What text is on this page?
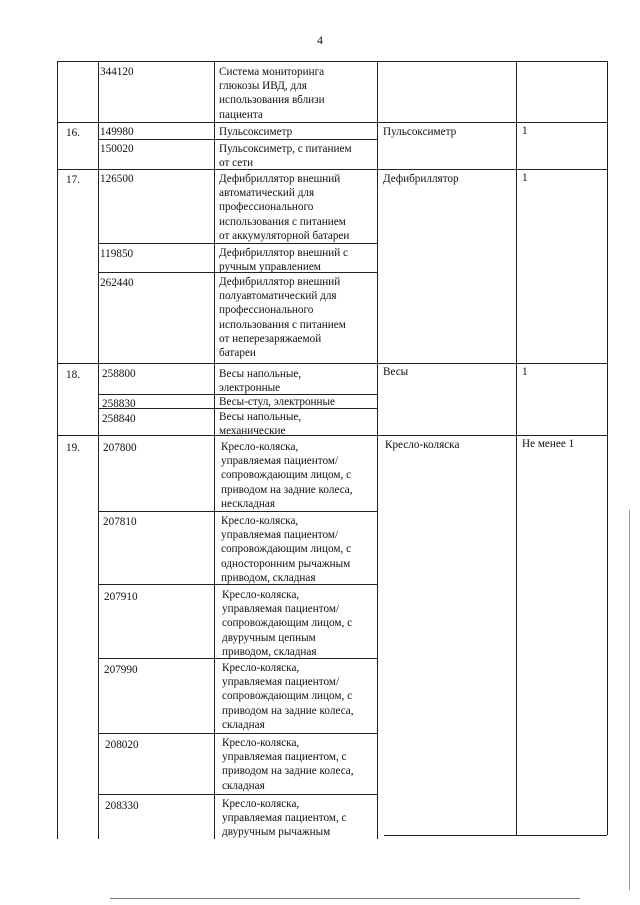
4
344120	Система мониторинга
глюкозы ИВД, для
использования вблизи
пациента
16. 149980	Пульсоксиметр	Пульсоксиметр	1
150020	Пульсоксиметр, с питанием
от сети
17. 126500	Дефибриллятор внешний
автоматический для
профессионального
использования с питанием
от аккумуляторной батареи
Дефибриллятор	1
119850	Дефибриллятор внешний с
ручным управлением
262440	Дефибриллятор внешний
полуавтоматический для
профессионального
использования с питанием
от неперезаряжаемой
батареи
18. 258800	Весы напольные,
электронные
Весы	1
258830	Весы-стул, электронные
258840	Весы напольные,
механические
19. 207800	Кресло-коляска,
управляемая пациентом/
сопровождающим лицом, с
приводом на задние колеса,
нескладная
Кресло-коляска	Не менее 1
207810	Кресло-коляска,
управляемая пациентом/
сопровождающим лицом, с
односторонним рычажным
приводом, складная
207910	Кресло-коляска,
управляемая пациентом/
сопровождающим лицом, с
двуручным цепным
приводом, складная
207990	Кресло-коляска,
управляемая пациентом/
сопровождающим лицом, с
приводом на задние колеса,
складная
208020	Кресло-коляска,
управляемая пациентом, с
приводом на задние колеса,
складная
208330	Кресло-коляска,
управляемая пациентом, с
двуручным рычажным
